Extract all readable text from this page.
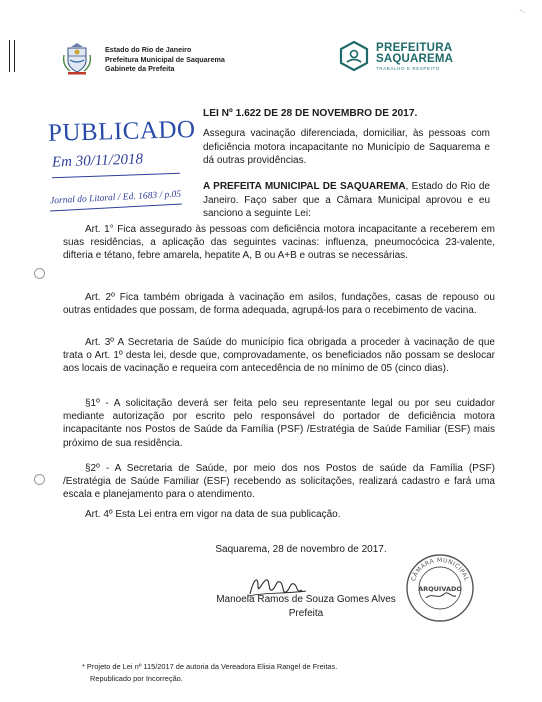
⁻·
Estado do Rio de Janeiro
Prefeitura Municipal de Saquarema
Gabinete da Prefeita
PREFEITURA
SAQUAREMA
TRABALHO E RESPEITO
PUBLICADO
Em 30/11/2018
Jornal do Litoral / Ed. 1683 / p.05
LEI Nº 1.622 DE 28 DE NOVEMBRO DE 2017.
Assegura vacinação diferenciada, domiciliar, às pessoas com deficiência motora incapacitante no Município de Saquarema e dá outras providências.
A PREFEITA MUNICIPAL DE SAQUAREMA, Estado do Rio de Janeiro. Faço saber que a Câmara Municipal aprovou e eu sanciono a seguinte Lei:

Art. 1° Fica assegurado às pessoas com deficiência motora incapacitante a receberem em suas residências, a aplicação das seguintes vacinas: influenza, pneumocócica 23-valente, difteria e tétano, febre amarela, hepatite A, B ou A+B e outras se necessárias.

Art. 2º Fica também obrigada à vacinação em asilos, fundações, casas de repouso ou outras entidades que possam, de forma adequada, agrupá-los para o recebimento de vacina.

Art. 3º A Secretaria de Saúde do município fica obrigada a proceder à vacinação de que trata o Art. 1º desta lei, desde que, comprovadamente, os beneficiados não possam se deslocar aos locais de vacinação e requeira com antecedência de no mínimo de 05 (cinco dias).

§1º - A solicitação deverá ser feita pelo seu representante legal ou por seu cuidador mediante autorização por escrito pelo responsável do portador de deficiência motora incapacitante nos Postos de Saúde da Família (PSF) /Estratégia de Saúde Familiar (ESF) mais próximo de sua residência.

§2º - A Secretaria de Saúde, por meio dos nos Postos de saúde da Família (PSF) /Estratégia de Saúde Familiar (ESF) recebendo as solicitações, realizará cadastro e fará uma escala e planejamento para o atendimento.

Art. 4º Esta Lei entra em vigor na data de sua publicação.

Saquarema, 28 de novembro de 2017.
Manoela Ramos de Souza Gomes Alves
Prefeita
CÂMARA MUNICIPAL
ARQUIVADO
* Projeto de Lei nº 115/2017 de autoria da Vereadora Elisia Rangel de Freitas.
Republicado por Incorreção.
